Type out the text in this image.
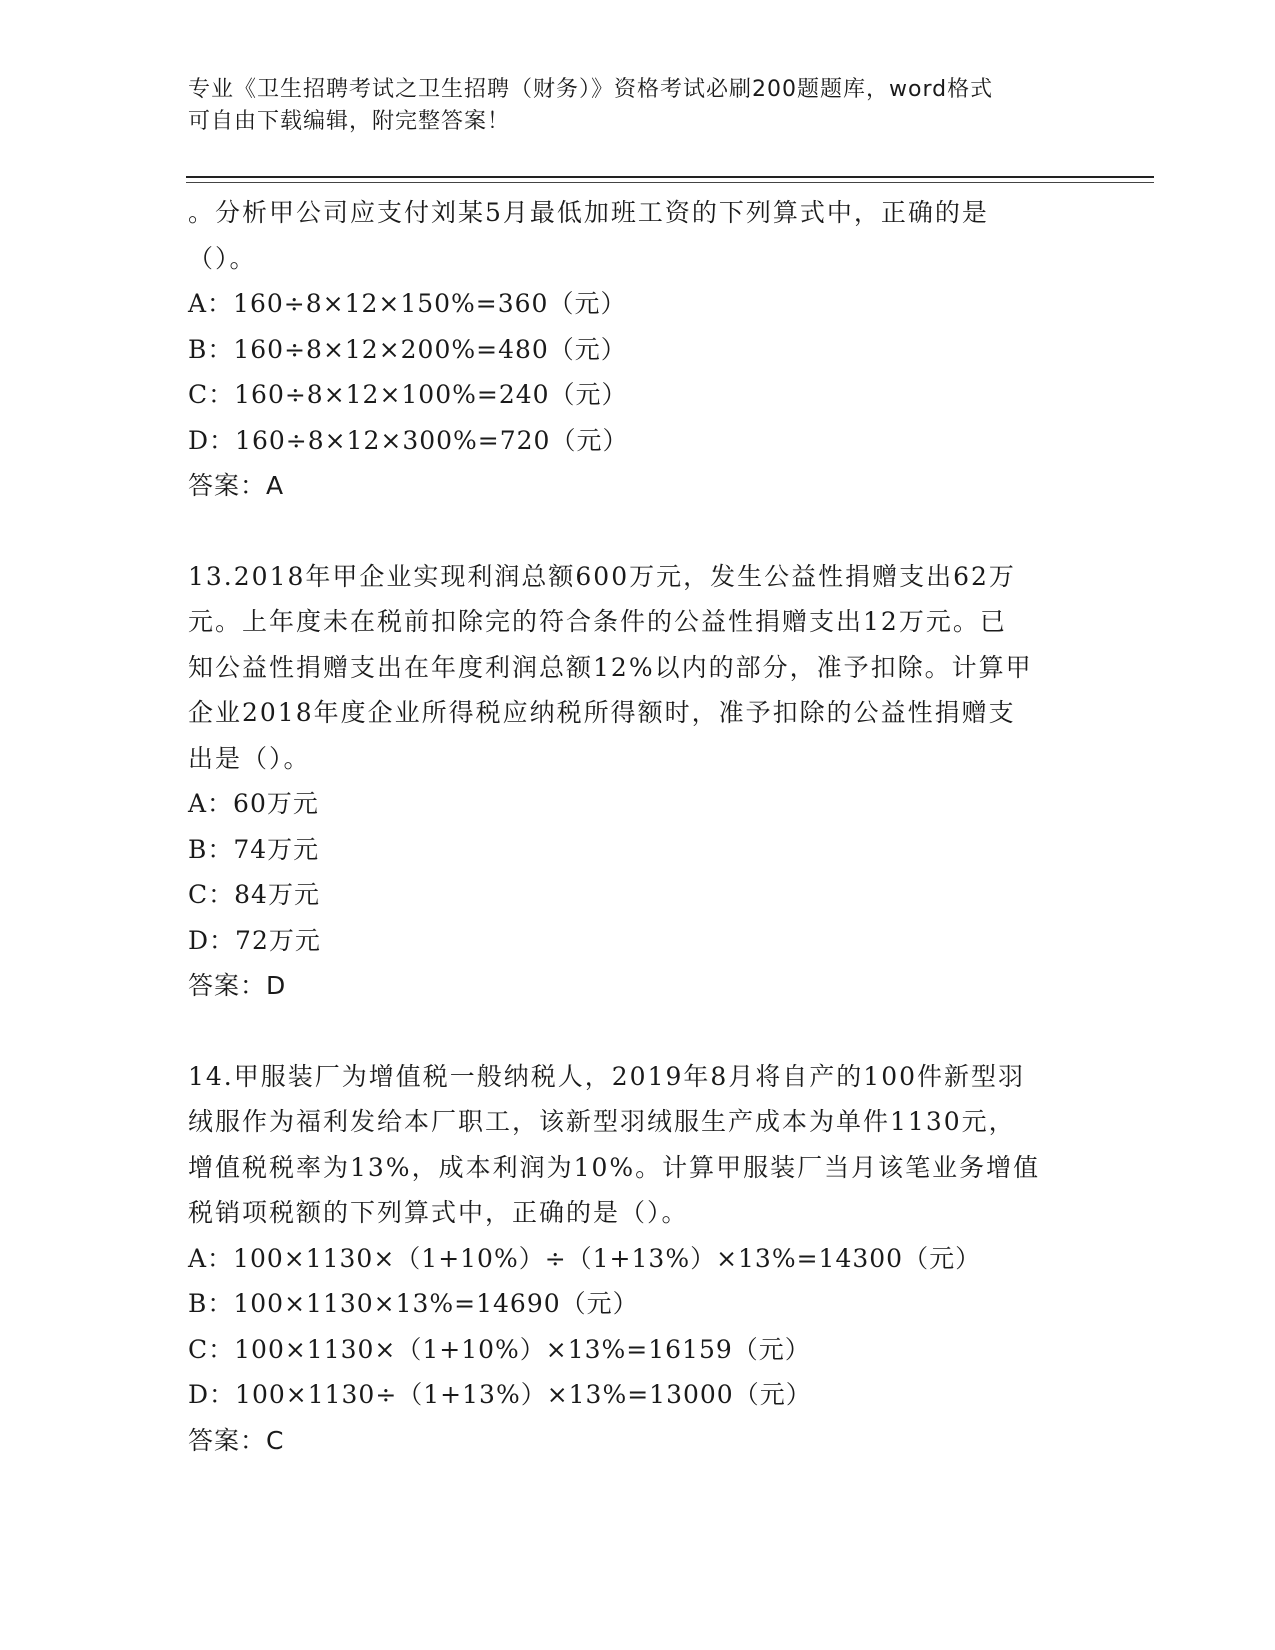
专业《卫生招聘考试之卫生招聘（财务）》资格考试必刷200题题库，word格式
可自由下载编辑，附完整答案！

。分析甲公司应支付刘某5月最低加班工资的下列算式中，正确的是

（）。

A：160÷8×12×150%=360（元）

B：160÷8×12×200%=480（元）

C：160÷8×12×100%=240（元）

D：160÷8×12×300%=720（元）

答案：A

13.2018年甲企业实现利润总额600万元，发生公益性捐赠支出62万

元。上年度未在税前扣除完的符合条件的公益性捐赠支出12万元。已

知公益性捐赠支出在年度利润总额12%以内的部分，准予扣除。计算甲

企业2018年度企业所得税应纳税所得额时，准予扣除的公益性捐赠支

出是（）。

A：60万元

B：74万元

C：84万元

D：72万元

答案：D

14.甲服装厂为增值税一般纳税人，2019年8月将自产的100件新型羽

绒服作为福利发给本厂职工，该新型羽绒服生产成本为单件1130元，

增值税税率为13%，成本利润为10%。计算甲服装厂当月该笔业务增值

税销项税额的下列算式中，正确的是（）。

A：100×1130×（1+10%）÷（1+13%）×13%=14300（元）

B：100×1130×13%=14690（元）

C：100×1130×（1+10%）×13%=16159（元）

D：100×1130÷（1+13%）×13%=13000（元）

答案：C
